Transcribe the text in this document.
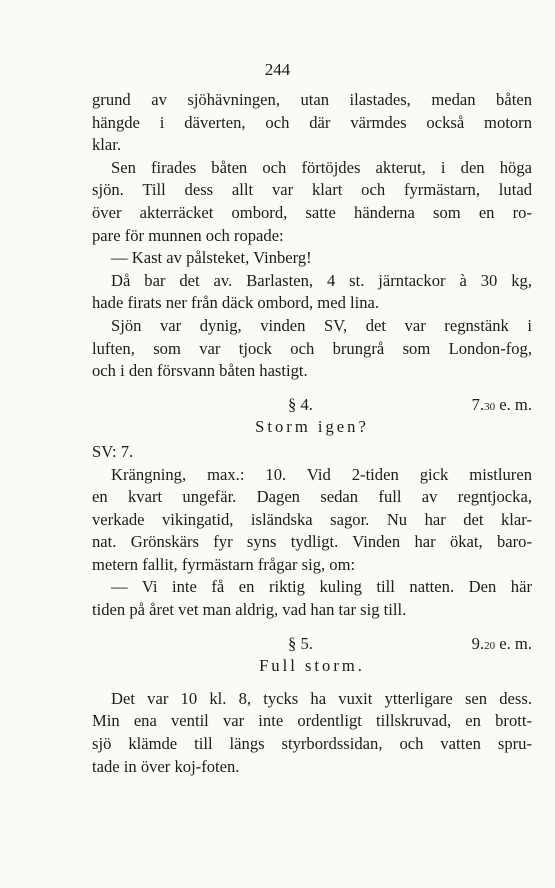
244
grund av sjöhävningen, utan ilastades, medan båten
hängde i däverten, och där värmdes också motorn
klar.
Sen firades båten och förtöjdes akterut, i den höga
sjön. Till dess allt var klart och fyrmästarn, lutad
över akterräcket ombord, satte händerna som en ro-
pare för munnen och ropade:
— Kast av pålsteket, Vinberg!
Då bar det av. Barlasten, 4 st. järntackor à 30 kg,
hade firats ner från däck ombord, med lina.
Sjön var dynig, vinden SV, det var regnstänk i
luften, som var tjock och brungrå som London-fog,
och i den försvann båten hastigt.
§ 4.	7.30 e. m.
Storm igen?
SV: 7.
Krängning, max.: 10. Vid 2-tiden gick mistluren
en kvart ungefär. Dagen sedan full av regntjocka,
verkade vikingatid, isländska sagor. Nu har det klar-
nat. Grönskärs fyr syns tydligt. Vinden har ökat, baro-
metern fallit, fyrmästarn frågar sig, om:
— Vi inte få en riktig kuling till natten. Den här
tiden på året vet man aldrig, vad han tar sig till.
§ 5.	9.20 e. m.
Full storm.
Det var 10 kl. 8, tycks ha vuxit ytterligare sen dess.
Min ena ventil var inte ordentligt tillskruvad, en brott-
sjö klämde till längs styrbordssidan, och vatten spru-
tade in över koj-foten.
